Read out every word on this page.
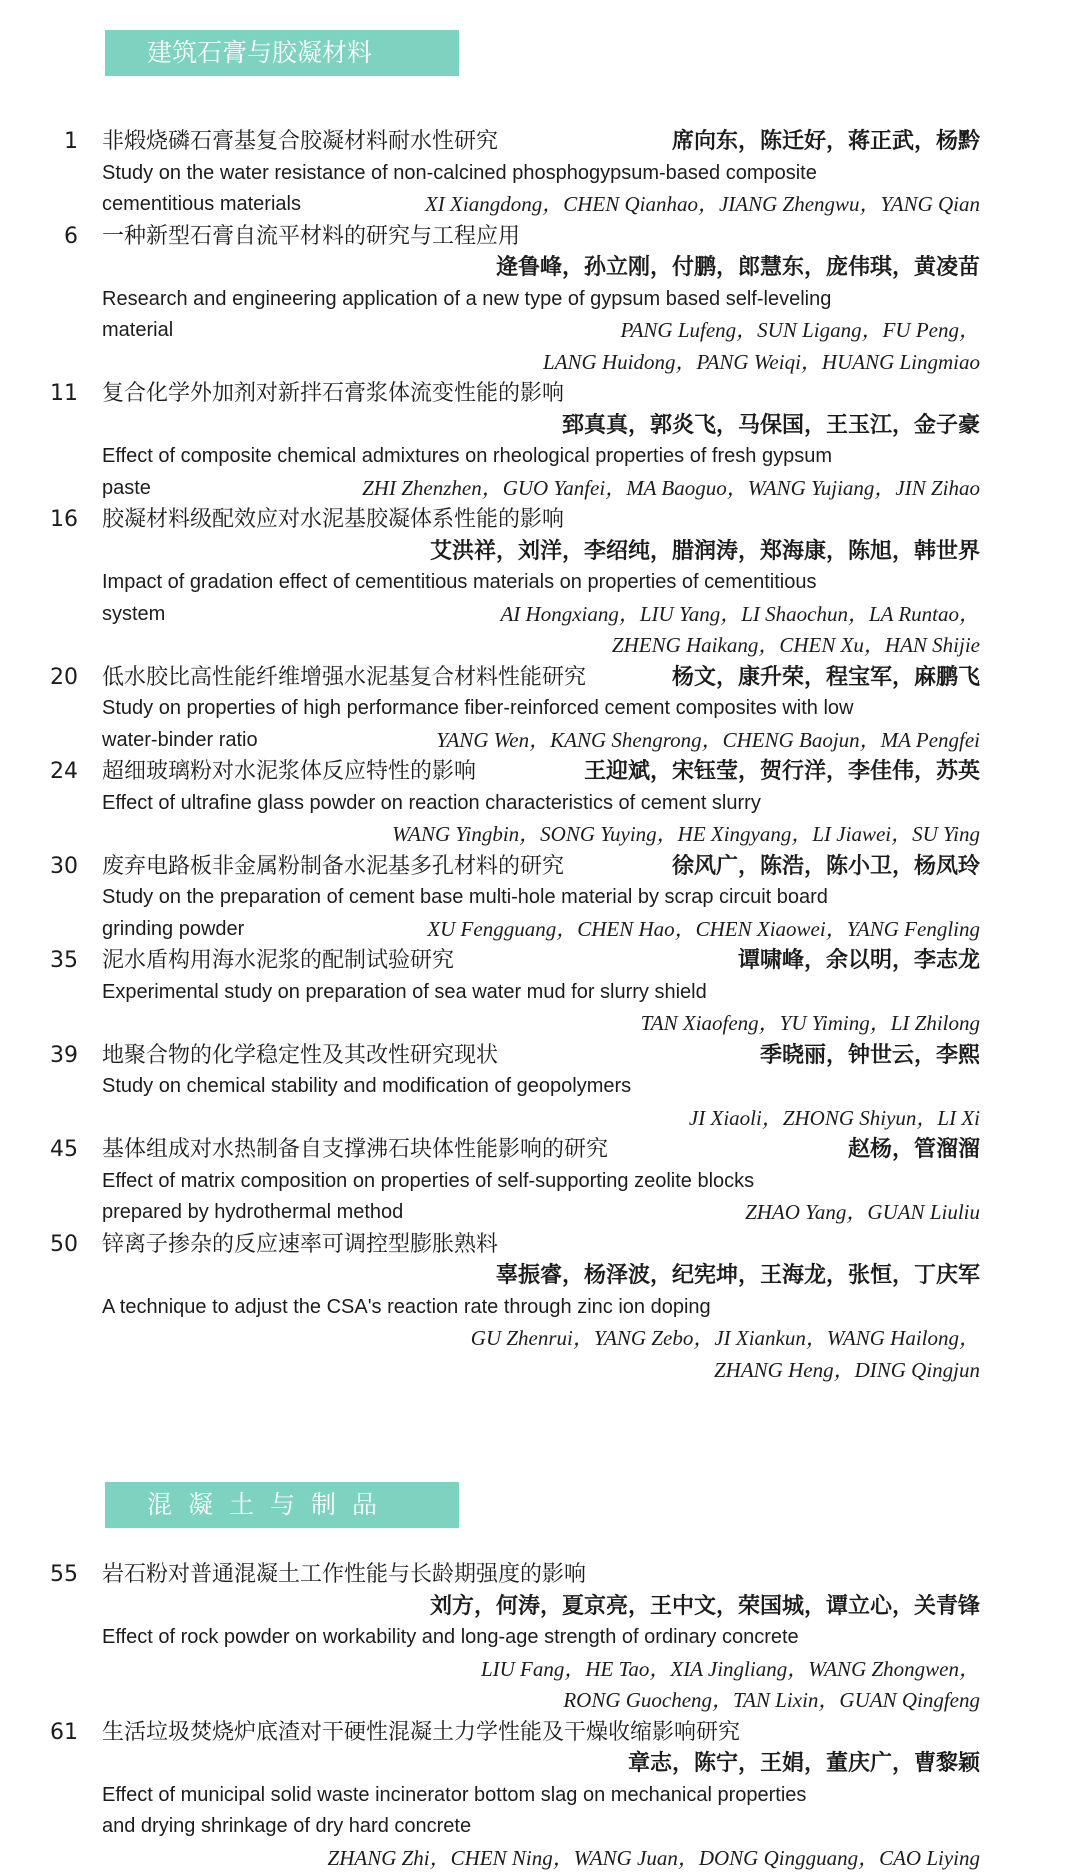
建筑石膏与胶凝材料
1 非煅烧磷石膏基复合胶凝材料耐水性研究	席向东，陈迁好，蒋正武，杨黔
Study on the water resistance of non-calcined phosphogypsum-based composite
cementitious materials	XI Xiangdong，CHEN Qianhao，JIANG Zhengwu，YANG Qian
6 一种新型石膏自流平材料的研究与工程应用
逄鲁峰，孙立刚，付鹏，郎慧东，庞伟琪，黄凌苗
Research and engineering application of a new type of gypsum based self-leveling
material	PANG Lufeng，SUN Ligang，FU Peng，
LANG Huidong，PANG Weiqi，HUANG Lingmiao
11 复合化学外加剂对新拌石膏浆体流变性能的影响
郅真真，郭炎飞，马保国，王玉江，金子豪
Effect of composite chemical admixtures on rheological properties of fresh gypsum
paste	ZHI Zhenzhen，GUO Yanfei，MA Baoguo，WANG Yujiang，JIN Zihao
16 胶凝材料级配效应对水泥基胶凝体系性能的影响
艾洪祥，刘洋，李绍纯，腊润涛，郑海康，陈旭，韩世界
Impact of gradation effect of cementitious materials on properties of cementitious
system	AI Hongxiang，LIU Yang，LI Shaochun，LA Runtao，
ZHENG Haikang，CHEN Xu，HAN Shijie
20 低水胶比高性能纤维增强水泥基复合材料性能研究	杨文，康升荣，程宝军，麻鹏飞
Study on properties of high performance fiber-reinforced cement composites with low
water-binder ratio	YANG Wen，KANG Shengrong，CHENG Baojun，MA Pengfei
24 超细玻璃粉对水泥浆体反应特性的影响	王迎斌，宋钰莹，贺行洋，李佳伟，苏英
Effect of ultrafine glass powder on reaction characteristics of cement slurry
WANG Yingbin，SONG Yuying，HE Xingyang，LI Jiawei，SU Ying
30 废弃电路板非金属粉制备水泥基多孔材料的研究	徐风广，陈浩，陈小卫，杨凤玲
Study on the preparation of cement base multi-hole material by scrap circuit board
grinding powder	XU Fengguang，CHEN Hao，CHEN Xiaowei，YANG Fengling
35 泥水盾构用海水泥浆的配制试验研究	谭啸峰，余以明，李志龙
Experimental study on preparation of sea water mud for slurry shield
TAN Xiaofeng，YU Yiming，LI Zhilong
39 地聚合物的化学稳定性及其改性研究现状	季晓丽，钟世云，李熙
Study on chemical stability and modification of geopolymers
JI Xiaoli，ZHONG Shiyun，LI Xi
45 基体组成对水热制备自支撑沸石块体性能影响的研究	赵杨，管溜溜
Effect of matrix composition on properties of self-supporting zeolite blocks
prepared by hydrothermal method	ZHAO Yang，GUAN Liuliu
50 锌离子掺杂的反应速率可调控型膨胀熟料
辜振睿，杨泽波，纪宪坤，王海龙，张恒，丁庆军
A technique to adjust the CSA's reaction rate through zinc ion doping
GU Zhenrui，YANG Zebo，JI Xiankun，WANG Hailong，
ZHANG Heng，DING Qingjun
混凝土与制品
55 岩石粉对普通混凝土工作性能与长龄期强度的影响
刘方，何涛，夏京亮，王中文，荣国城，谭立心，关青锋
Effect of rock powder on workability and long-age strength of ordinary concrete
LIU Fang，HE Tao，XIA Jingliang，WANG Zhongwen，
RONG Guocheng，TAN Lixin，GUAN Qingfeng
61 生活垃圾焚烧炉底渣对干硬性混凝土力学性能及干燥收缩影响研究
章志，陈宁，王娟，董庆广，曹黎颖
Effect of municipal solid waste incinerator bottom slag on mechanical properties
and drying shrinkage of dry hard concrete
ZHANG Zhi，CHEN Ning，WANG Juan，DONG Qingguang，CAO Liying
